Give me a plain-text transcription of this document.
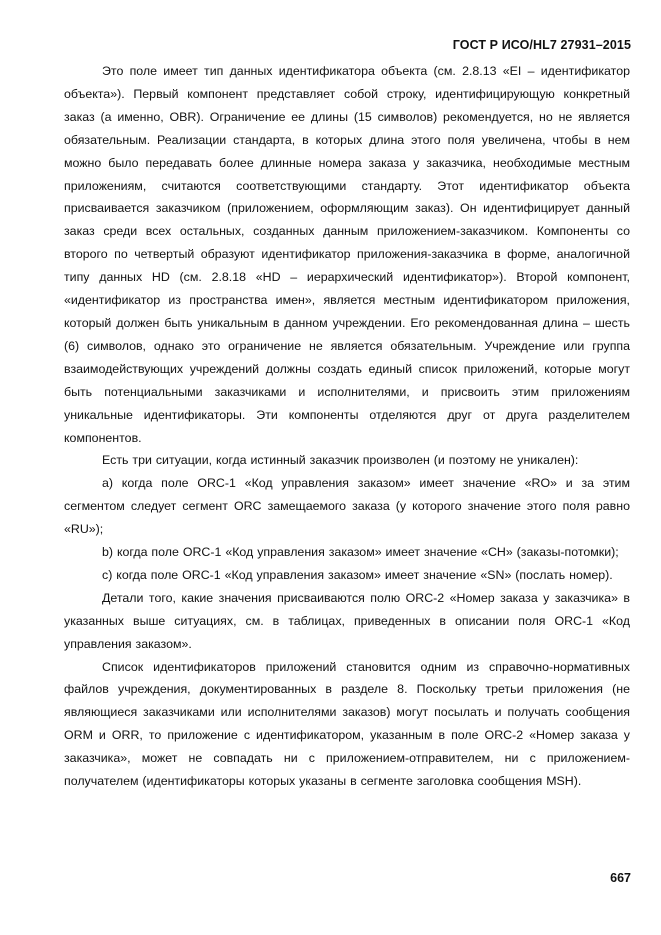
ГОСТ Р ИСО/HL7 27931–2015

Это поле имеет тип данных идентификатора объекта (см. 2.8.13 «EI – идентификатор объекта»). Первый компонент представляет собой строку, идентифицирующую конкретный заказ (а именно, OBR). Ограничение ее длины (15 символов) рекомендуется, но не является обязательным. Реализации стандарта, в которых длина этого поля увеличена, чтобы в нем можно было передавать более длинные номера заказа у заказчика, необходимые местным приложениям, считаются соответствующими стандарту. Этот идентификатор объекта присваивается заказчиком (приложением, оформляющим заказ). Он идентифицирует данный заказ среди всех остальных, созданных данным приложением-заказчиком. Компоненты со второго по четвертый образуют идентификатор приложения-заказчика в форме, аналогичной типу данных HD (см. 2.8.18 «HD – иерархический идентификатор»). Второй компонент, «идентификатор из пространства имен», является местным идентификатором приложения, который должен быть уникальным в данном учреждении. Его рекомендованная длина – шесть (6) символов, однако это ограничение не является обязательным. Учреждение или группа взаимодействующих учреждений должны создать единый список приложений, которые могут быть потенциальными заказчиками и исполнителями, и присвоить этим приложениям уникальные идентификаторы. Эти компоненты отделяются друг от друга разделителем компонентов.

Есть три ситуации, когда истинный заказчик произволен (и поэтому не уникален):

а) когда поле ORC-1 «Код управления заказом» имеет значение «RO» и за этим сегментом следует сегмент ORC замещаемого заказа (у которого значение этого поля равно «RU»);

b) когда поле ORC-1 «Код управления заказом» имеет значение «CH» (заказы-потомки);

с) когда поле ORC-1 «Код управления заказом» имеет значение «SN» (послать номер).

Детали того, какие значения присваиваются полю ORC-2 «Номер заказа у заказчика» в указанных выше ситуациях, см. в таблицах, приведенных в описании поля ORC-1 «Код управления заказом».

Список идентификаторов приложений становится одним из справочно-нормативных файлов учреждения, документированных в разделе 8. Поскольку третьи приложения (не являющиеся заказчиками или исполнителями заказов) могут посылать и получать сообщения ORM и ORR, то приложение с идентификатором, указанным в поле ORC-2 «Номер заказа у заказчика», может не совпадать ни с приложением-отправителем, ни с приложением-получателем (идентификаторы которых указаны в сегменте заголовка сообщения MSH).

667
